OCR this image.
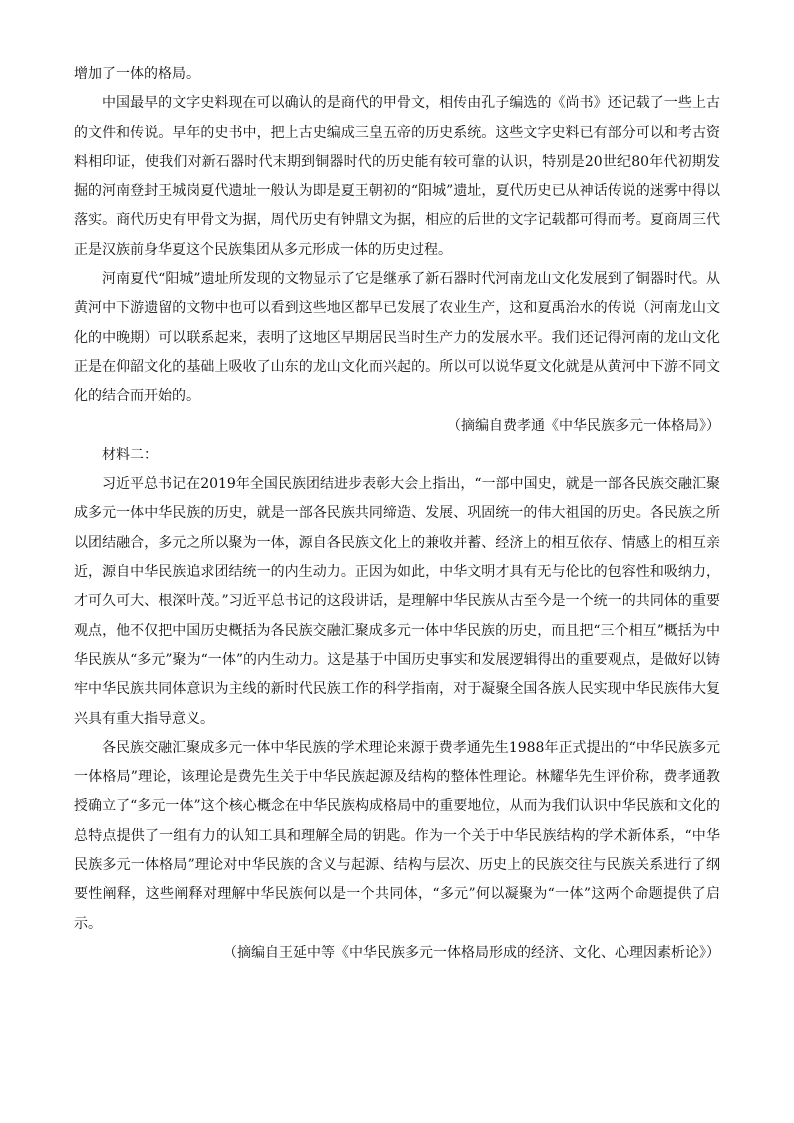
增加了一体的格局。

中国最早的文字史料现在可以确认的是商代的甲骨文，相传由孔子编选的《尚书》还记载了一些上古的文件和传说。早年的史书中，把上古史编成三皇五帝的历史系统。这些文字史料已有部分可以和考古资料相印证，使我们对新石器时代末期到铜器时代的历史能有较可靠的认识，特别是20世纪80年代初期发掘的河南登封王城岗夏代遗址一般认为即是夏王朝初的“阳城”遗址，夏代历史已从神话传说的迷雾中得以落实。商代历史有甲骨文为据，周代历史有钟鼎文为据，相应的后世的文字记载都可得而考。夏商周三代正是汉族前身华夏这个民族集团从多元形成一体的历史过程。

河南夏代“阳城”遗址所发现的文物显示了它是继承了新石器时代河南龙山文化发展到了铜器时代。从黄河中下游遗留的文物中也可以看到这些地区都早已发展了农业生产，这和夏禹治水的传说（河南龙山文化的中晚期）可以联系起来，表明了这地区早期居民当时生产力的发展水平。我们还记得河南的龙山文化正是在仰韶文化的基础上吸收了山东的龙山文化而兴起的。所以可以说华夏文化就是从黄河中下游不同文化的结合而开始的。

（摘编自费孝通《中华民族多元一体格局》）

材料二：

习近平总书记在2019年全国民族团结进步表彰大会上指出，“一部中国史，就是一部各民族交融汇聚成多元一体中华民族的历史，就是一部各民族共同缔造、发展、巩固统一的伟大祖国的历史。各民族之所以团结融合，多元之所以聚为一体，源自各民族文化上的兼收并蓄、经济上的相互依存、情感上的相互亲近，源自中华民族追求团结统一的内生动力。正因为如此，中华文明才具有无与伦比的包容性和吸纳力，才可久可大、根深叶茂。”习近平总书记的这段讲话，是理解中华民族从古至今是一个统一的共同体的重要观点，他不仅把中国历史概括为各民族交融汇聚成多元一体中华民族的历史，而且把“三个相互”概括为中华民族从“多元”聚为“一体”的内生动力。这是基于中国历史事实和发展逻辑得出的重要观点，是做好以铸牢中华民族共同体意识为主线的新时代民族工作的科学指南，对于凝聚全国各族人民实现中华民族伟大复兴具有重大指导意义。

各民族交融汇聚成多元一体中华民族的学术理论来源于费孝通先生1988年正式提出的“中华民族多元一体格局”理论，该理论是费先生关于中华民族起源及结构的整体性理论。林耀华先生评价称，费孝通教授确立了“多元一体”这个核心概念在中华民族构成格局中的重要地位，从而为我们认识中华民族和文化的总特点提供了一组有力的认知工具和理解全局的钥匙。作为一个关于中华民族结构的学术新体系，“中华民族多元一体格局”理论对中华民族的含义与起源、结构与层次、历史上的民族交往与民族关系进行了纲要性阐释，这些阐释对理解中华民族何以是一个共同体，“多元”何以凝聚为“一体”这两个命题提供了启示。

（摘编自王延中等《中华民族多元一体格局形成的经济、文化、心理因素析论》）
